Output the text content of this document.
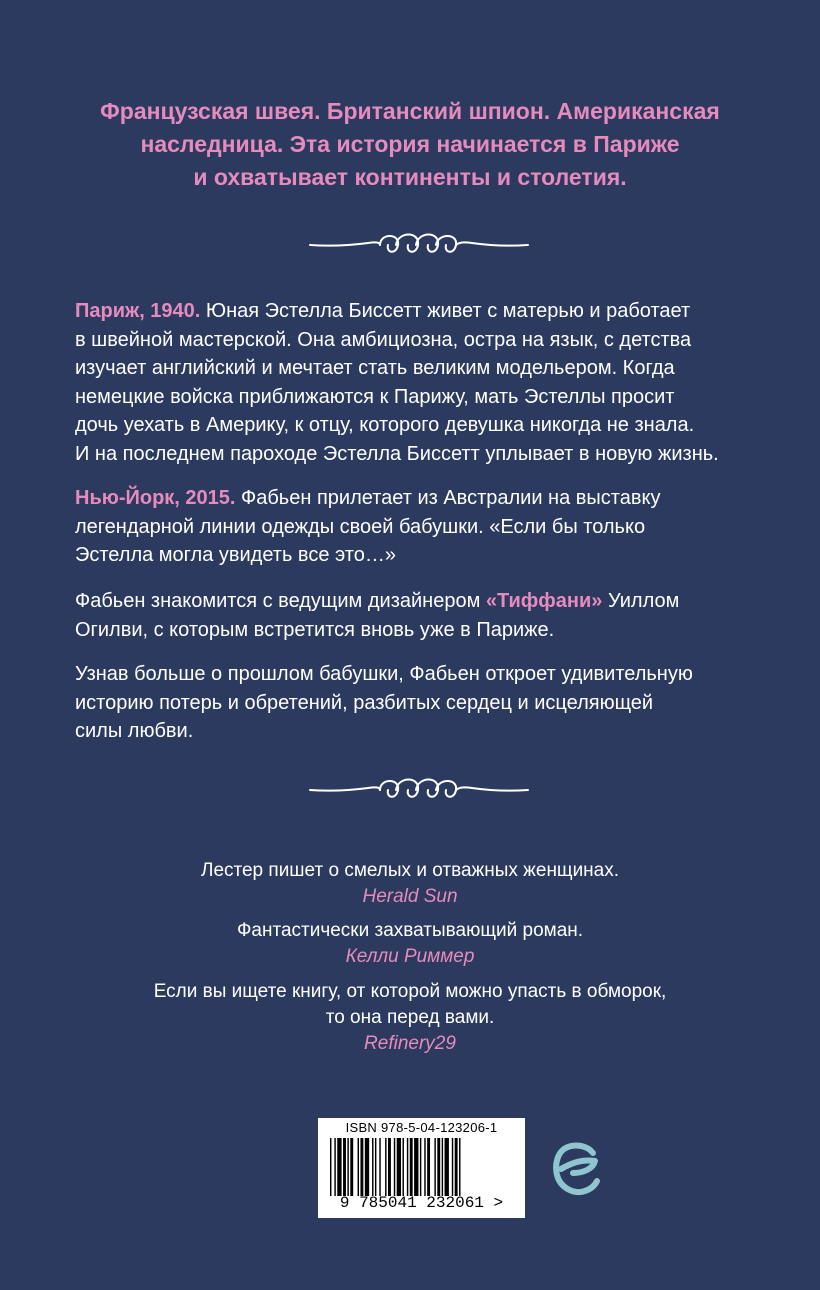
Французская швея. Британский шпион. Американская
наследница. Эта история начинается в Париже
и охватывает континенты и столетия.
Париж, 1940. Юная Эстелла Биссетт живет с матерью и работает
в швейной мастерской. Она амбициозна, остра на язык, с детства
изучает английский и мечтает стать великим модельером. Когда
немецкие войска приближаются к Парижу, мать Эстеллы просит
дочь уехать в Америку, к отцу, которого девушка никогда не знала.
И на последнем пароходе Эстелла Биссетт уплывает в новую жизнь.
Нью-Йорк, 2015. Фабьен прилетает из Австралии на выставку
легендарной линии одежды своей бабушки. «Если бы только
Эстелла могла увидеть все это…»
Фабьен знакомится с ведущим дизайнером «Тиффани» Уиллом
Огилви, с которым встретится вновь уже в Париже.
Узнав больше о прошлом бабушки, Фабьен откроет удивительную
историю потерь и обретений, разбитых сердец и исцеляющей
силы любви.
Лестер пишет о смелых и отважных женщинах.
Herald Sun
Фантастически захватывающий роман.
Келли Риммер
Если вы ищете книгу, от которой можно упасть в обморок,
то она перед вами.
Refinery29
ISBN 978-5-04-123206-1
9 785041 232061 >
